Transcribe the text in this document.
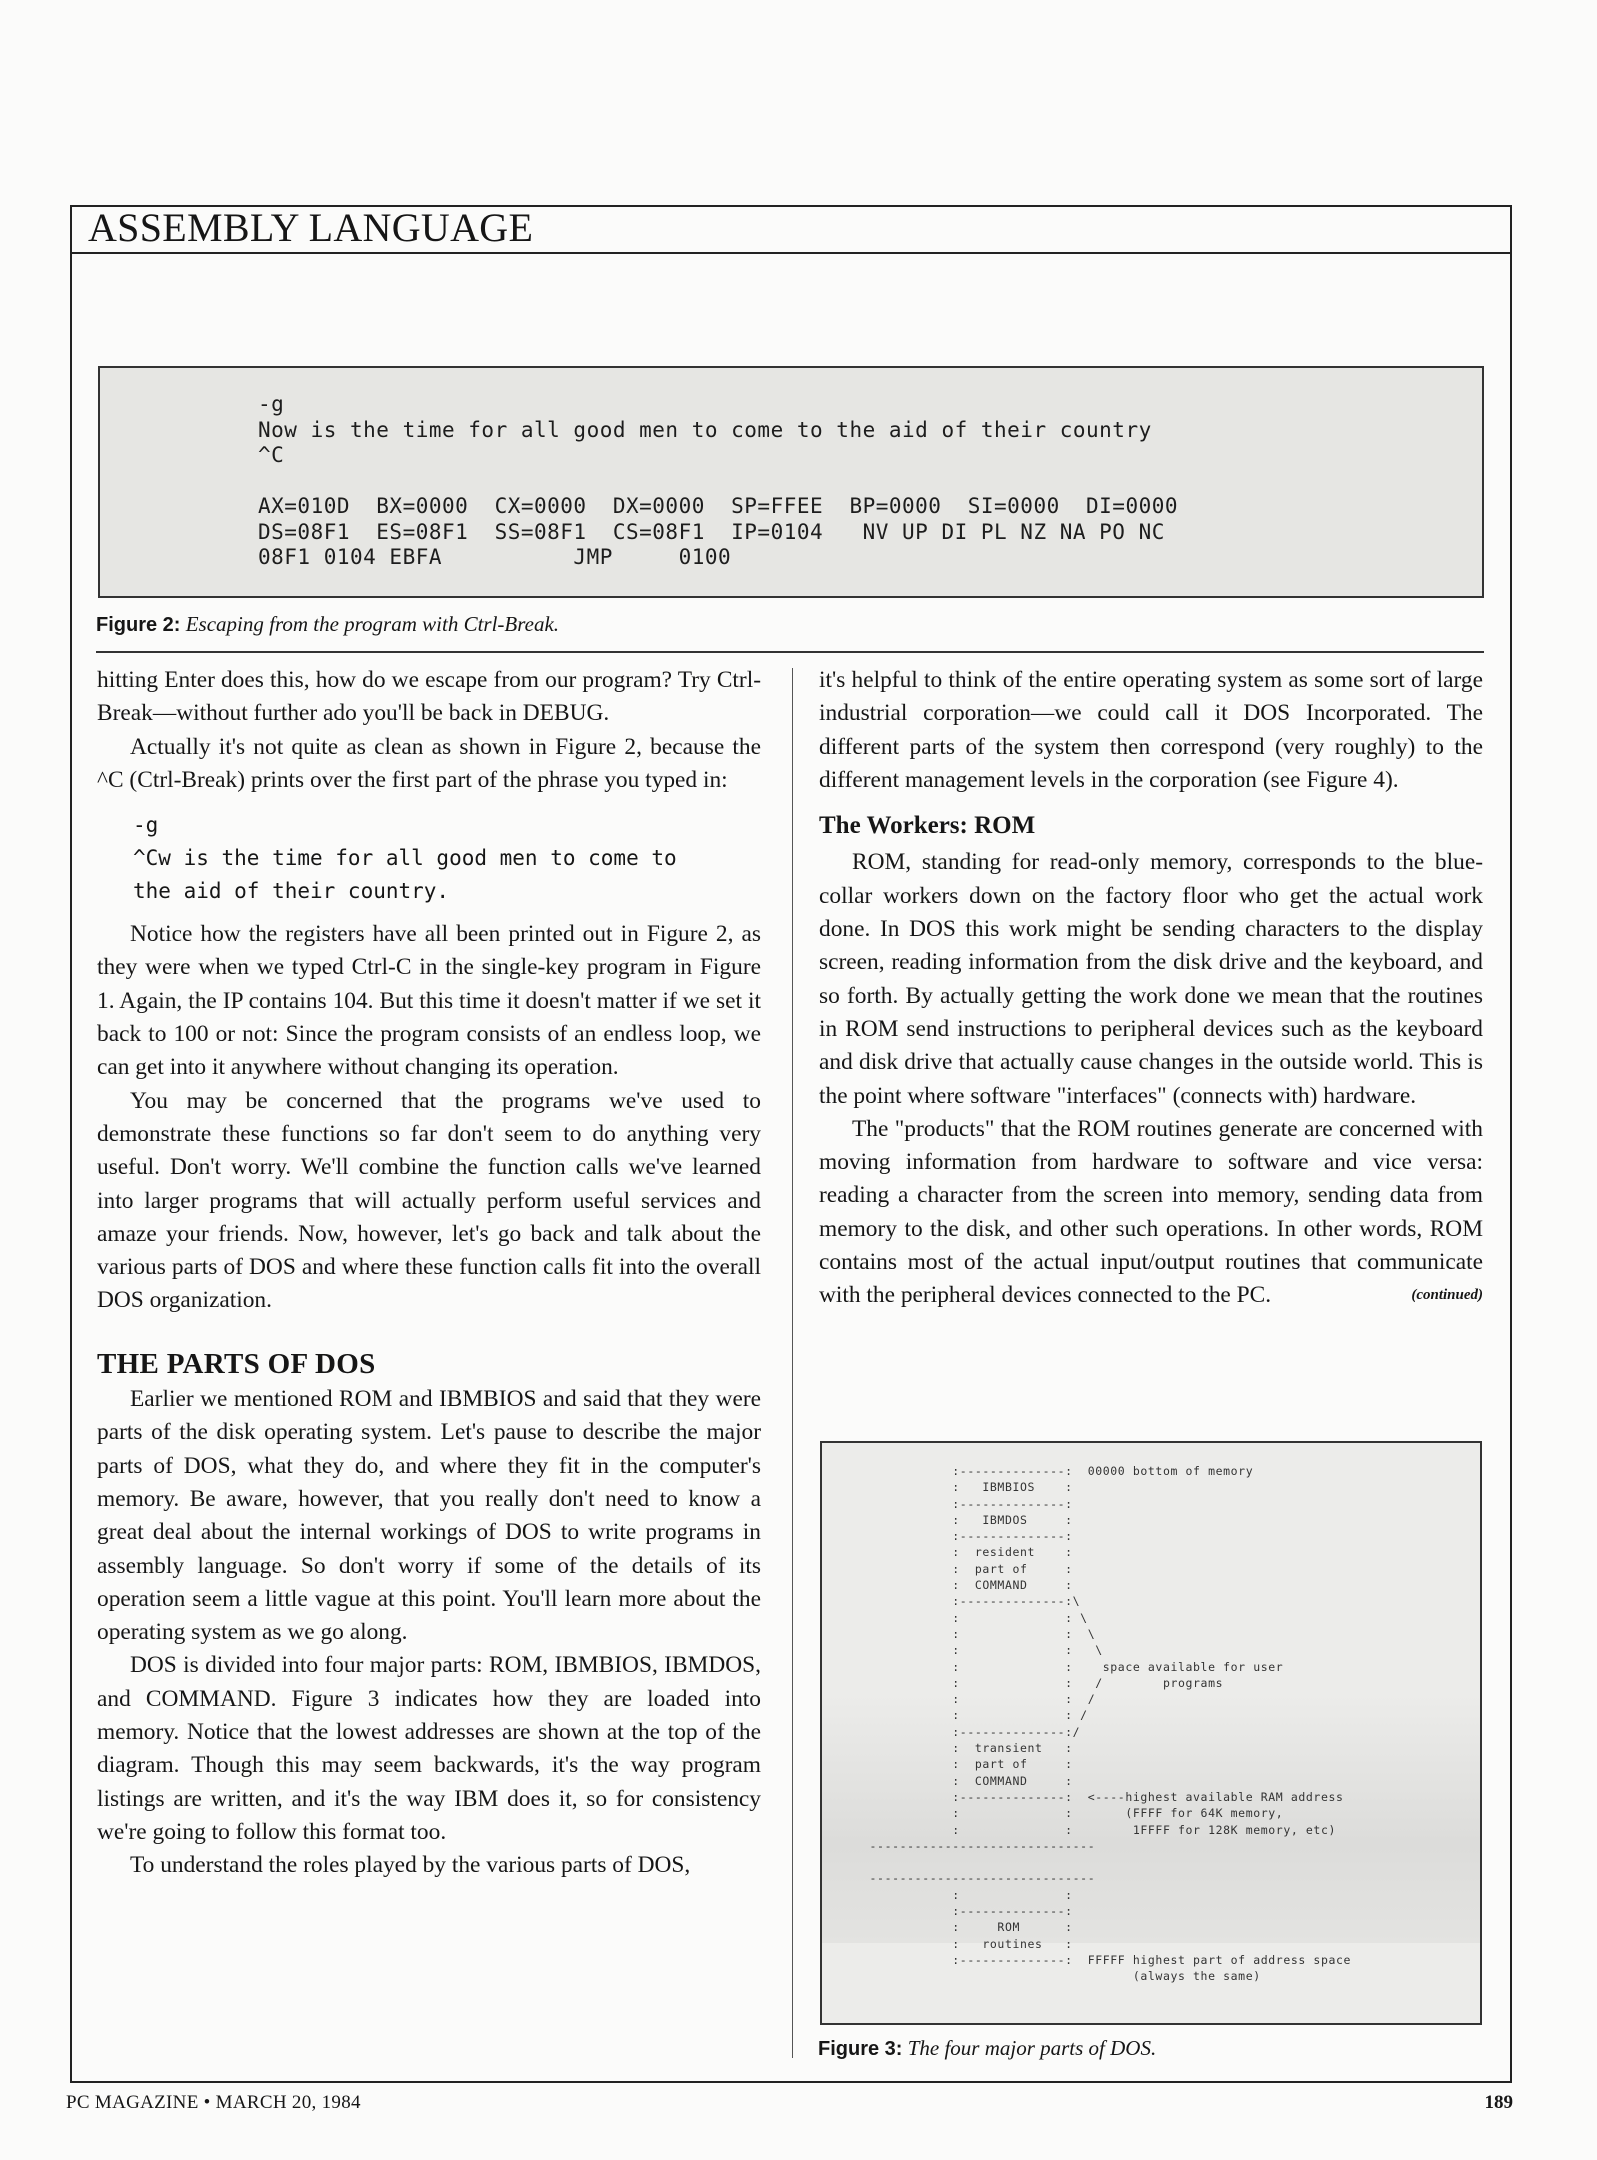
ASSEMBLY LANGUAGE
-g
Now is the time for all good men to come to the aid of their country
^C

AX=010D  BX=0000  CX=0000  DX=0000  SP=FFEE  BP=0000  SI=0000  DI=0000
DS=08F1  ES=08F1  SS=08F1  CS=08F1  IP=0104   NV UP DI PL NZ NA PO NC
08F1 0104 EBFA          JMP     0100
Figure 2: Escaping from the program with Ctrl-Break.

hitting Enter does this, how do we escape from our program? Try Ctrl-Break—without further ado you'll be back in DEBUG.

Actually it's not quite as clean as shown in Figure 2, because the ^C (Ctrl-Break) prints over the first part of the phrase you typed in:

-g
^Cw is the time for all good men to come to
the aid of their country.

Notice how the registers have all been printed out in Figure 2, as they were when we typed Ctrl-C in the single-key program in Figure 1. Again, the IP contains 104. But this time it doesn't matter if we set it back to 100 or not: Since the program consists of an endless loop, we can get into it anywhere without changing its operation.

You may be concerned that the programs we've used to demonstrate these functions so far don't seem to do anything very useful. Don't worry. We'll combine the function calls we've learned into larger programs that will actually perform useful services and amaze your friends. Now, however, let's go back and talk about the various parts of DOS and where these function calls fit into the overall DOS organization.

THE PARTS OF DOS

Earlier we mentioned ROM and IBMBIOS and said that they were parts of the disk operating system. Let's pause to describe the major parts of DOS, what they do, and where they fit in the computer's memory. Be aware, however, that you really don't need to know a great deal about the internal workings of DOS to write programs in assembly language. So don't worry if some of the details of its operation seem a little vague at this point. You'll learn more about the operating system as we go along.

DOS is divided into four major parts: ROM, IBMBIOS, IBMDOS, and COMMAND. Figure 3 indicates how they are loaded into memory. Notice that the lowest addresses are shown at the top of the diagram. Though this may seem backwards, it's the way program listings are written, and it's the way IBM does it, so for consistency we're going to follow this format too.

To understand the roles played by the various parts of DOS,

it's helpful to think of the entire operating system as some sort of large industrial corporation—we could call it DOS Incorporated. The different parts of the system then correspond (very roughly) to the different management levels in the corporation (see Figure 4).

The Workers: ROM

ROM, standing for read-only memory, corresponds to the blue-collar workers down on the factory floor who get the actual work done. In DOS this work might be sending characters to the display screen, reading information from the disk drive and the keyboard, and so forth. By actually getting the work done we mean that the routines in ROM send instructions to peripheral devices such as the keyboard and disk drive that actually cause changes in the outside world. This is the point where software "interfaces" (connects with) hardware.

The "products" that the ROM routines generate are concerned with moving information from hardware to software and vice versa: reading a character from the screen into memory, sending data from memory to the disk, and other such operations. In other words, ROM contains most of the actual input/output routines that communicate with the peripheral devices connected to the PC.	(continued)

:--------------:  00000 bottom of memory
:   IBMBIOS    :
:--------------:
:   IBMDOS     :
:--------------:
:  resident    :
:  part of     :
:  COMMAND     :
:--------------:\
:              : \
:              :  \
:              :   \
:              :    space available for user
:              :   /        programs
:              :  /
:              : /
:--------------:/
:  transient   :
:  part of     :
:  COMMAND     :
:--------------:  <----highest available RAM address
:              :       (FFFF for 64K memory,
:              :        1FFFF for 128K memory, etc)
------------------------------

------------------------------
:              :
:--------------:
:     ROM      :
:   routines   :
:--------------:  FFFFF highest part of address space
(always the same)
Figure 3: The four major parts of DOS.
PC MAGAZINE • MARCH 20, 1984	189
